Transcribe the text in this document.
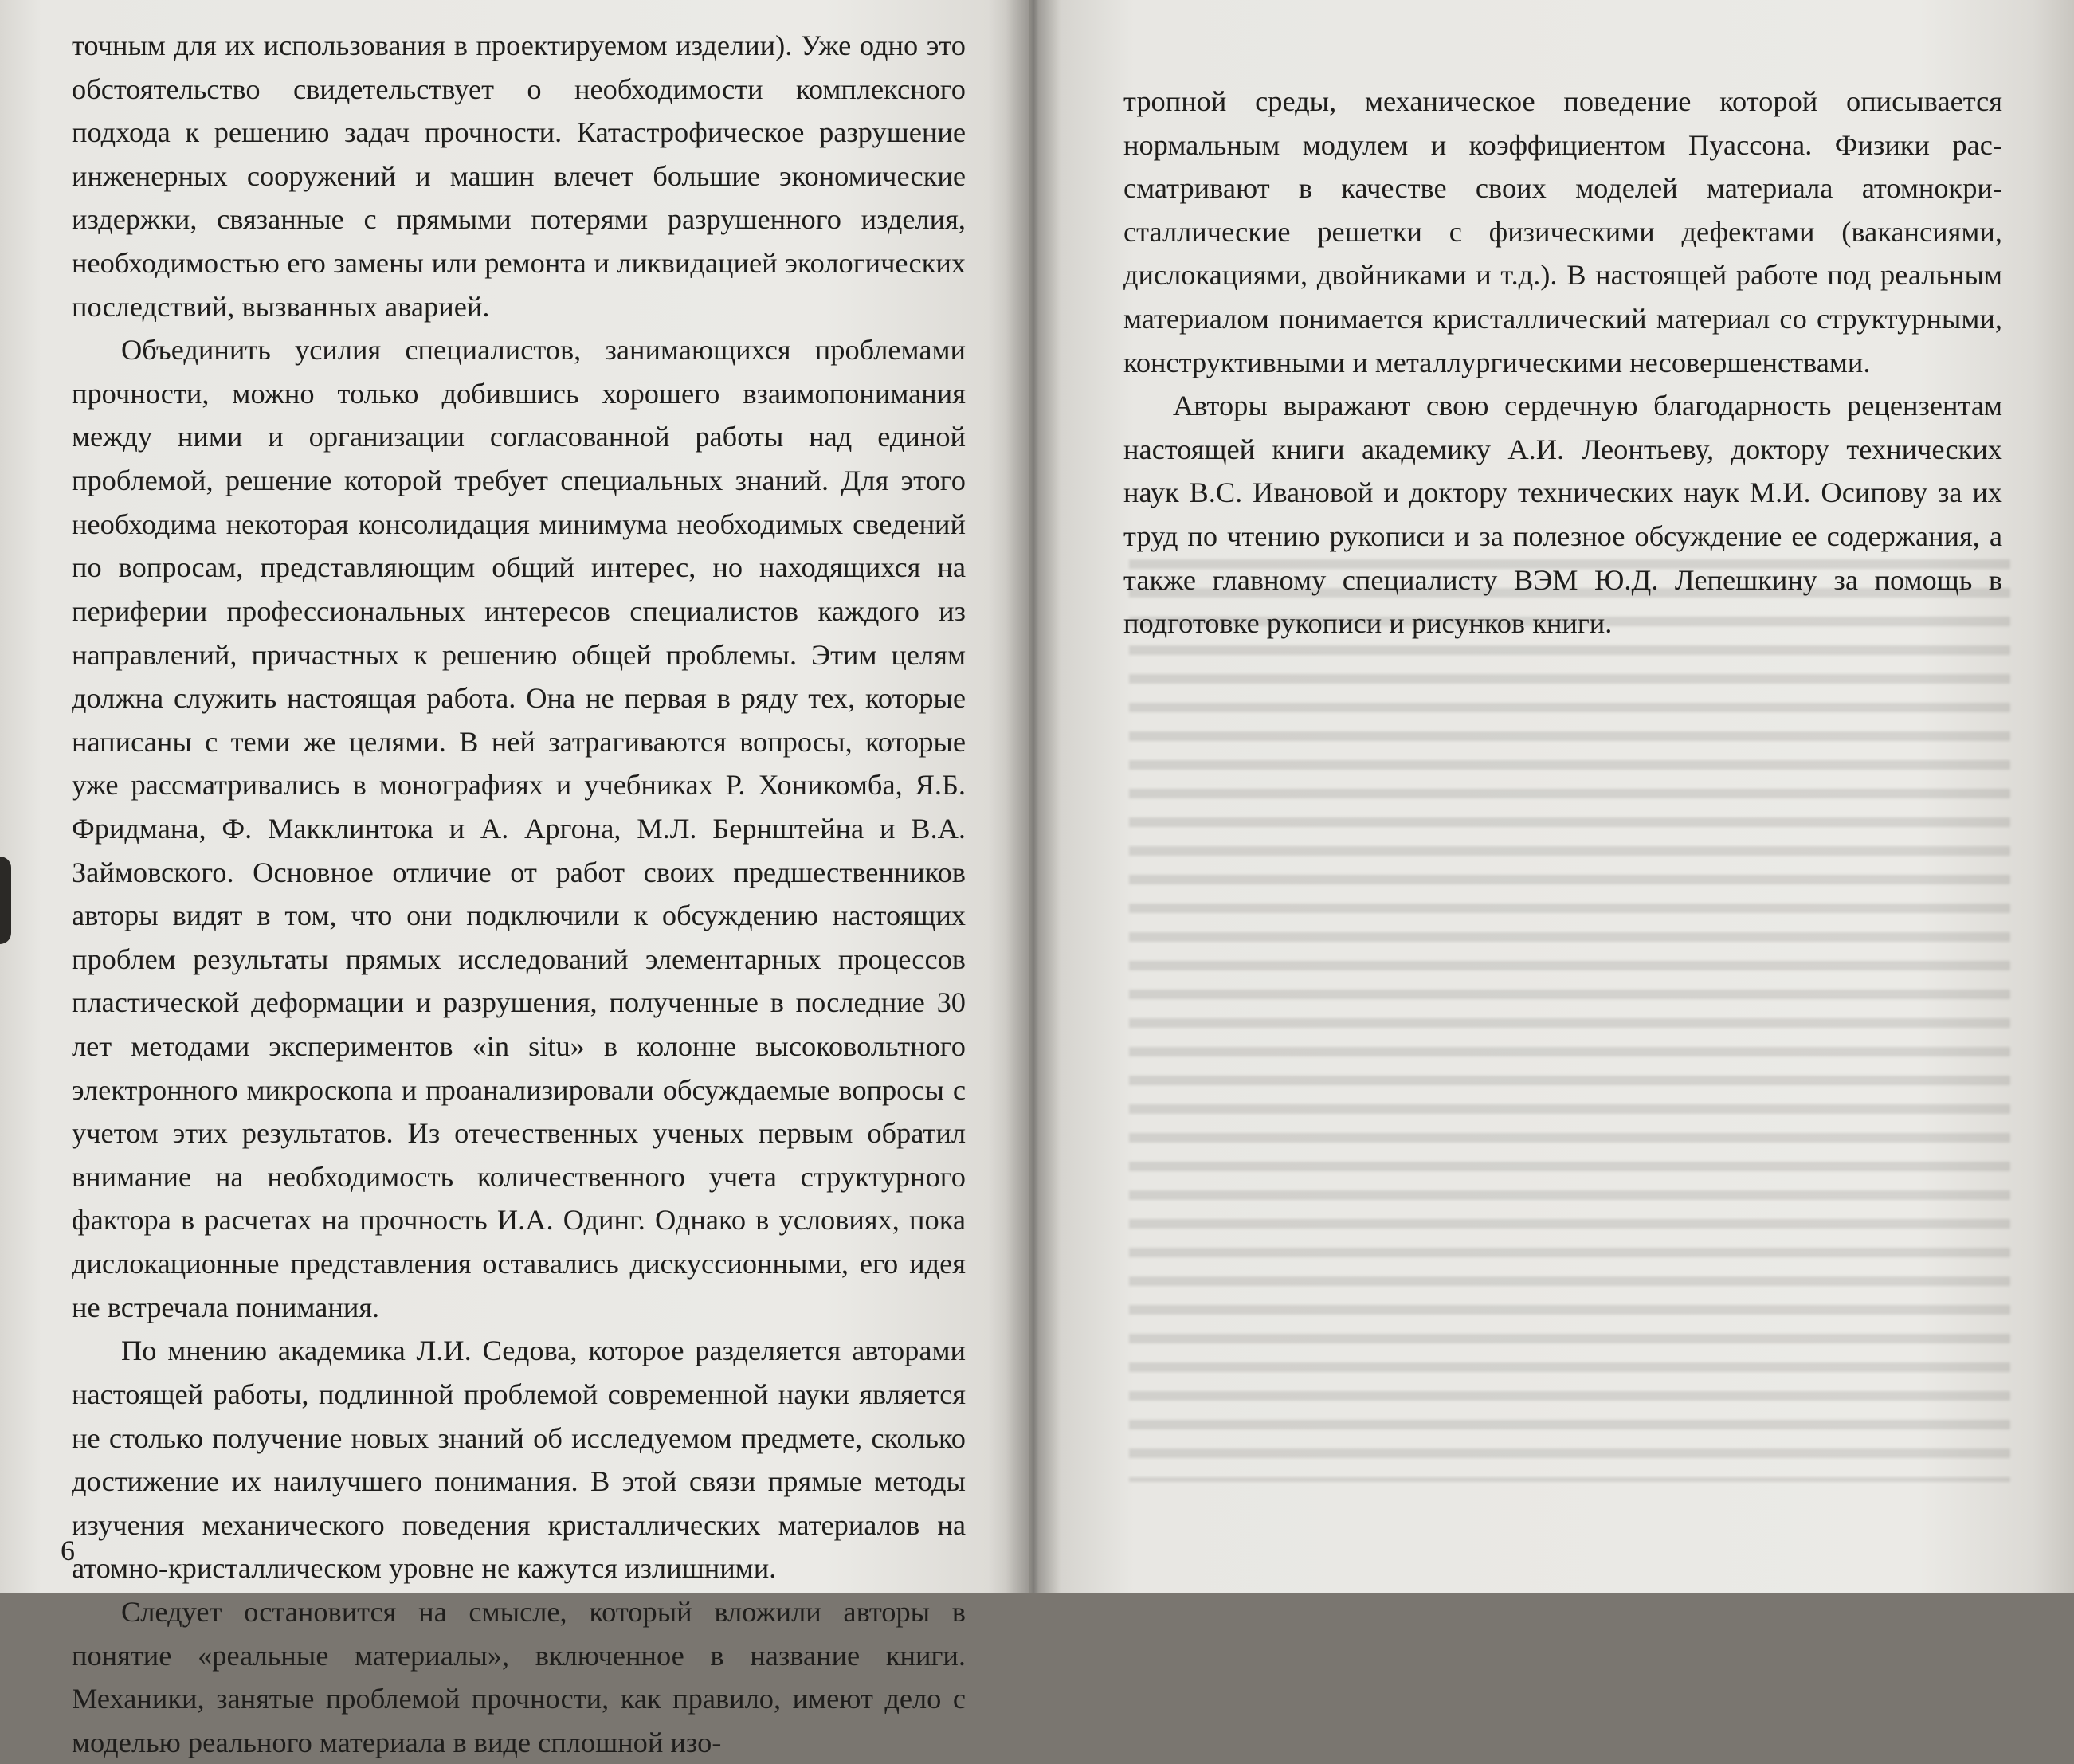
точным для их использования в проектируемом изделии). Уже одно это обстоятельство свидетельствует о необходимости комплексного подхода к решению задач прочности. Катастрофическое разрушение инженерных сооружений и машин влечет большие экономические издержки, связанные с прямыми потерями разрушенного изделия, необходимостью его замены или ремонта и ликвидацией экологических последствий, вызванных аварией.

Объединить усилия специалистов, занимающихся проблемами прочности, можно только добившись хорошего взаимопонимания между ними и организации согласованной работы над единой проблемой, решение которой требует специальных знаний. Для этого необходима некоторая консолидация минимума необходимых сведений по вопросам, представляющим общий интерес, но находящихся на периферии профессиональных интересов специалистов каждого из направлений, причастных к решению общей проблемы. Этим целям должна служить настоящая работа. Она не первая в ряду тех, которые написаны с теми же целями. В ней затрагиваются вопросы, которые уже рассматривались в монографиях и учебниках Р. Хоникомба, Я.Б. Фридмана, Ф. Макклинтока и А. Аргона, М.Л. Бернштейна и В.А. Займовского. Основное отличие от работ своих предшественников авторы видят в том, что они подключили к обсуждению настоящих проблем результаты прямых исследований элементарных процессов пластической деформации и разрушения, полученные в последние 30 лет методами экспериментов «in situ» в колонне высоковольтного электронного микроскопа и проанализировали обсуждаемые вопросы с учетом этих результатов. Из отечественных ученых первым обратил внимание на необходимость количественного учета структурного фактора в расчетах на прочность И.А. Одинг. Однако в условиях, пока дислокационные представления оставались дискуссионными, его идея не встречала понимания.

По мнению академика Л.И. Седова, которое разделяется авторами настоящей работы, подлинной проблемой современной науки является не столько получение новых знаний об исследуемом предмете, сколько достижение их наилучшего понимания. В этой связи прямые методы изучения механического поведения кристаллических материалов на атомно-кристаллическом уровне не кажутся излишними.

Следует остановится на смысле, который вложили авторы в понятие «реальные материалы», включенное в название книги. Механики, занятые проблемой прочности, как правило, имеют дело с моделью реального материала в виде сплошной изо-

6

тропной среды, механическое поведение которой описывается нормальным модулем и коэффициентом Пуассона. Физики рассматривают в качестве своих моделей материала атомнокристаллические решетки с физическими дефектами (вакансиями, дислокациями, двойниками и т.д.). В настоящей работе под реальным материалом понимается кристаллический материал со структурными, конструктивными и металлургическими несовершенствами.

Авторы выражают свою сердечную благодарность рецензентам настоящей книги академику А.И. Леонтьеву, доктору технических наук В.С. Ивановой и доктору технических наук М.И. Осипову за их труд по чтению рукописи и за полезное обсуждение ее содержания, а также главному специалисту ВЭМ Ю.Д. Лепешкину за помощь в подготовке рукописи и рисунков книги.
